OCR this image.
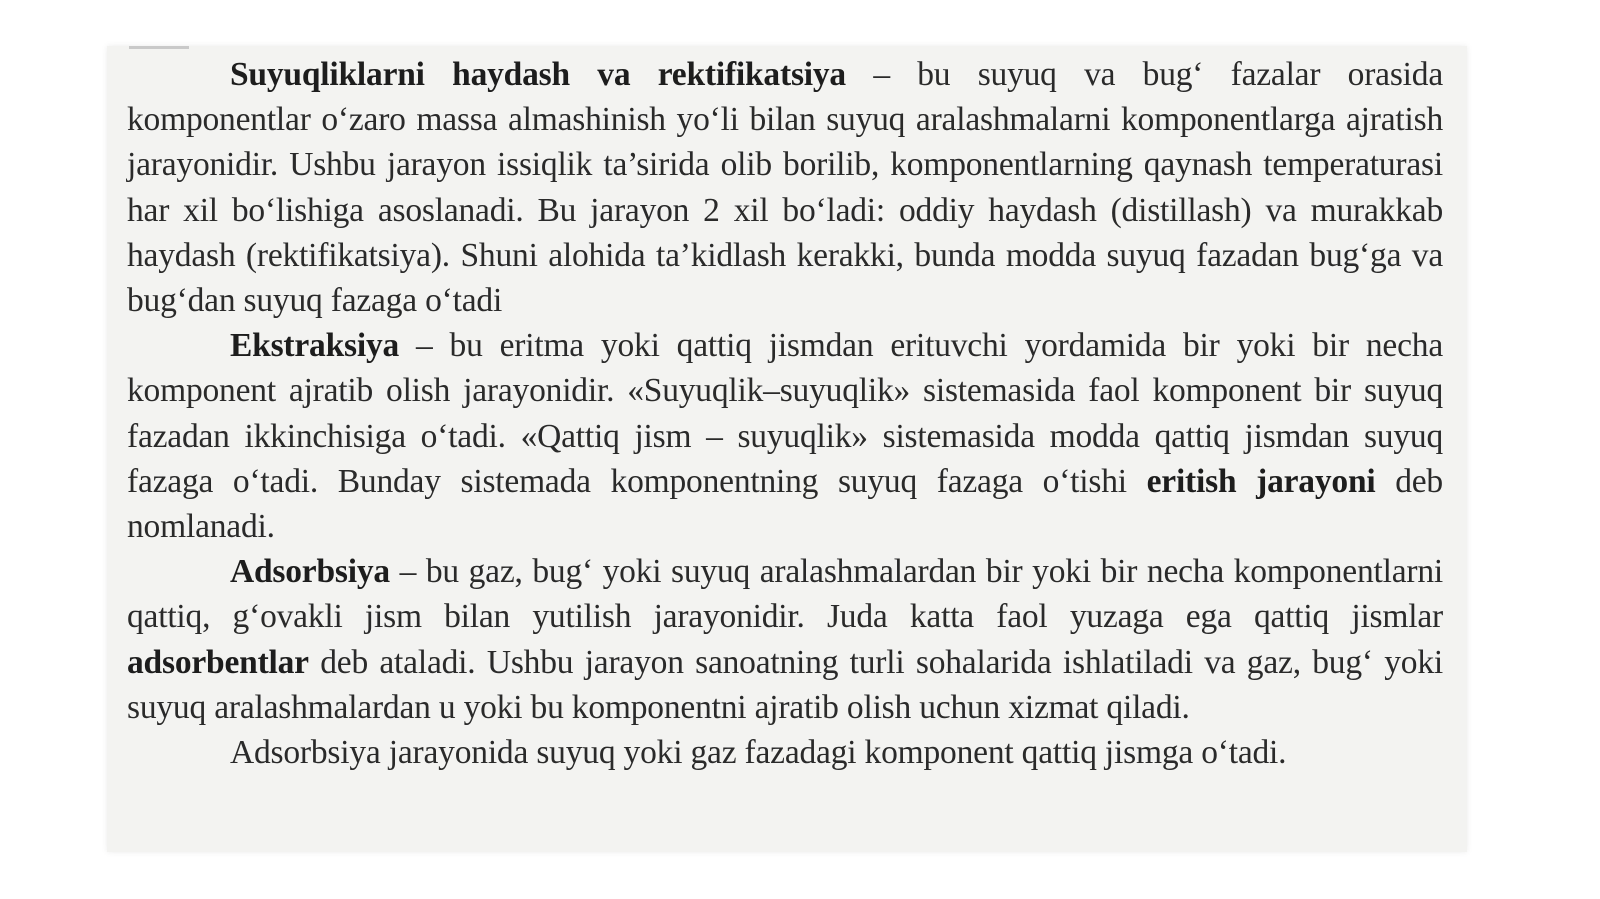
Suyuqliklarni haydash va rektifikatsiya – bu suyuq va bug‘ fazalar orasida komponentlar o‘zaro massa almashinish yo‘li bilan suyuq aralashmalarni komponentlarga ajratish jarayonidir. Ushbu jarayon issiqlik ta’sirida olib borilib, komponentlarning qaynash temperaturasi har xil bo‘lishiga asoslanadi. Bu jarayon 2 xil bo‘ladi: oddiy haydash (distillash) va murakkab haydash (rektifikatsiya). Shuni alohida ta’kidlash kerakki, bunda modda suyuq fazadan bug‘ga va bug‘dan suyuq fazaga o‘tadi

Ekstraksiya – bu eritma yoki qattiq jismdan erituvchi yordamida bir yoki bir necha komponent ajratib olish jarayonidir. «Suyuqlik–suyuqlik» sistemasida faol komponent bir suyuq fazadan ikkinchisiga o‘tadi. «Qattiq jism – suyuqlik» sistemasida modda qattiq jismdan suyuq fazaga o‘tadi. Bunday sistemada komponentning suyuq fazaga o‘tishi eritish jarayoni deb nomlanadi.

Adsorbsiya – bu gaz, bug‘ yoki suyuq aralashmalardan bir yoki bir necha komponentlarni qattiq, g‘ovakli jism bilan yutilish jarayonidir. Juda katta faol yuzaga ega qattiq jismlar adsorbentlar deb ataladi. Ushbu jarayon sanoatning turli sohalarida ishlatiladi va gaz, bug‘ yoki suyuq aralashmalardan u yoki bu komponentni ajratib olish uchun xizmat qiladi.

Adsorbsiya jarayonida suyuq yoki gaz fazadagi komponent qattiq jismga o‘tadi.
